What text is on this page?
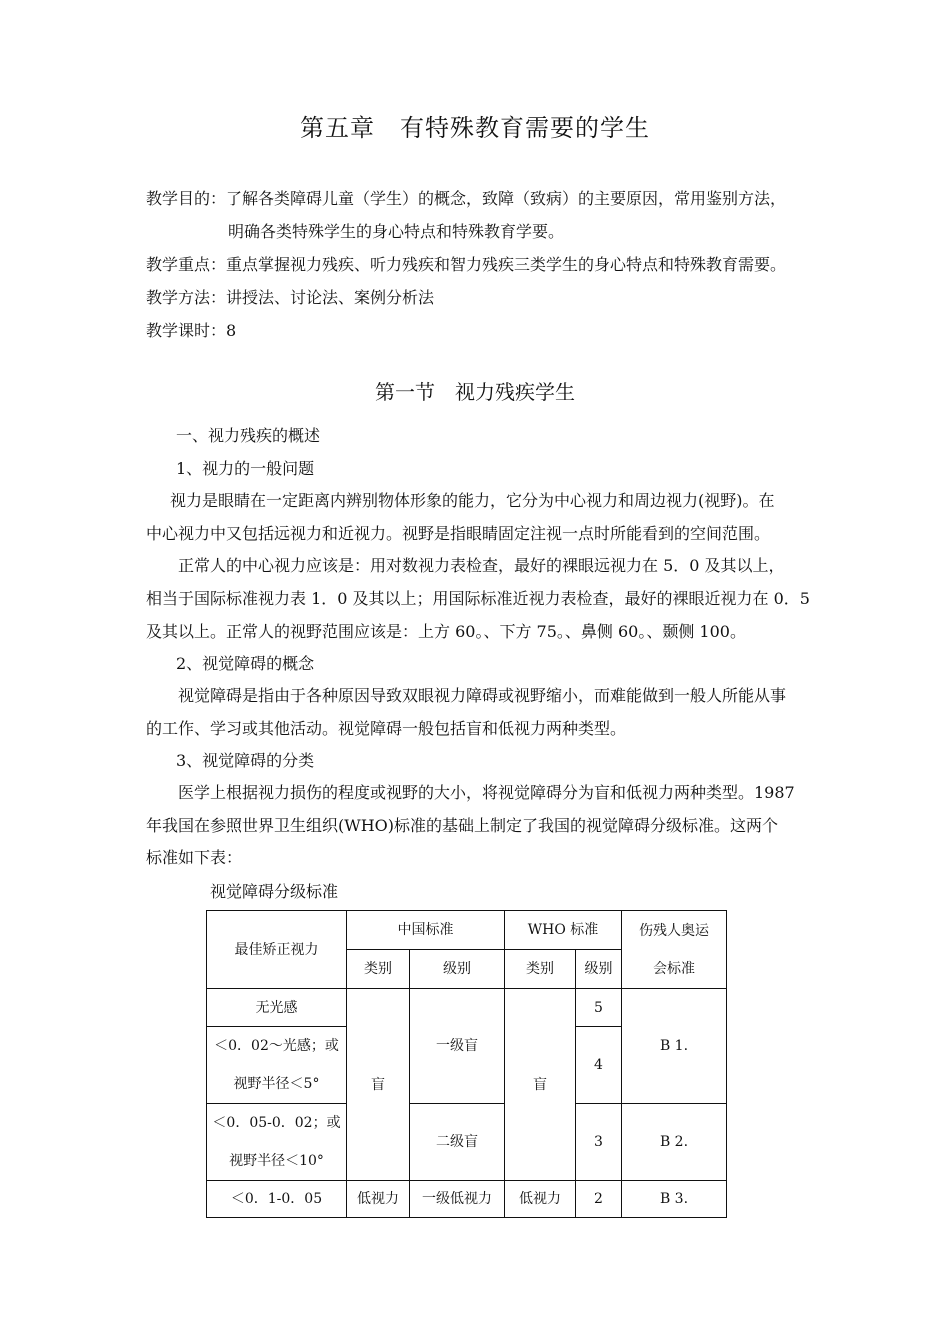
第五章　有特殊教育需要的学生
教学目的：了解各类障碍儿童（学生）的概念，致障（致病）的主要原因，常用鉴别方法，
明确各类特殊学生的身心特点和特殊教育学要。
教学重点：重点掌握视力残疾、听力残疾和智力残疾三类学生的身心特点和特殊教育需要。
教学方法：讲授法、讨论法、案例分析法
教学课时：8
第一节　视力残疾学生
一、视力残疾的概述
1、视力的一般问题
视力是眼睛在一定距离内辨别物体形象的能力，它分为中心视力和周边视力(视野)。在
中心视力中又包括远视力和近视力。视野是指眼睛固定注视一点时所能看到的空间范围。
正常人的中心视力应该是：用对数视力表检查，最好的裸眼远视力在 5．0 及其以上，
相当于国际标准视力表 1．0 及其以上；用国际标准近视力表检查，最好的裸眼近视力在 0．5
及其以上。正常人的视野范围应该是：上方 60。、下方 75。、鼻侧 60。、颞侧 100。
2、视觉障碍的概念
视觉障碍是指由于各种原因导致双眼视力障碍或视野缩小，而难能做到一般人所能从事
的工作、学习或其他活动。视觉障碍一般包括盲和低视力两种类型。
3、视觉障碍的分类
医学上根据视力损伤的程度或视野的大小，将视觉障碍分为盲和低视力两种类型。1987
年我国在参照世界卫生组织(WHO)标准的基础上制定了我国的视觉障碍分级标准。这两个
标准如下表：
视觉障碍分级标准
最佳矫正视力	中国标准		WHO 标准		伤残人奥运
会标准

	类别	级别	类别	级别	
无光感	盲	一级盲	盲	5	B 1.

＜0．02～光感；或
视野半径＜5°				4	

＜0．05-0．02；或
视野半径＜10°		二级盲		3	B 2.
＜0．1-0．05	低视力	一级低视力	低视力	2	B 3.
